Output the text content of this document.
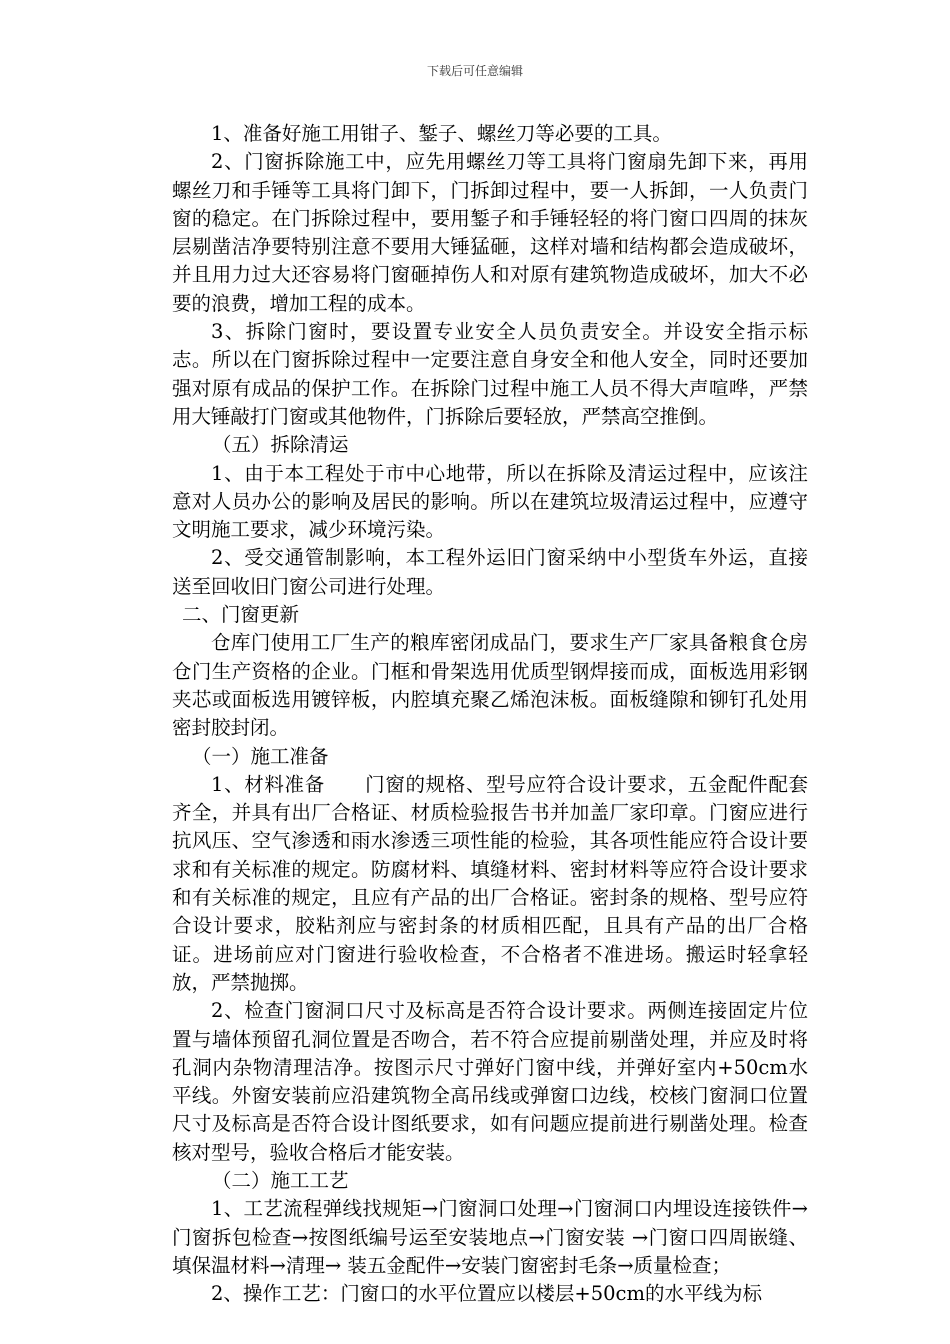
下载后可任意编辑

1、准备好施工用钳子、錾子、螺丝刀等必要的工具。

2、门窗拆除施工中，应先用螺丝刀等工具将门窗扇先卸下来，再用螺丝刀和手锤等工具将门卸下，门拆卸过程中，要一人拆卸，一人负责门窗的稳定。在门拆除过程中，要用錾子和手锤轻轻的将门窗口四周的抹灰层剔凿洁净要特别注意不要用大锤猛砸，这样对墙和结构都会造成破坏，并且用力过大还容易将门窗砸掉伤人和对原有建筑物造成破坏，加大不必要的浪费，增加工程的成本。

3、拆除门窗时，要设置专业安全人员负责安全。并设安全指示标志。所以在门窗拆除过程中一定要注意自身安全和他人安全，同时还要加强对原有成品的保护工作。在拆除门过程中施工人员不得大声喧哗，严禁用大锤敲打门窗或其他物件，门拆除后要轻放，严禁高空推倒。

（五）拆除清运

1、由于本工程处于市中心地带，所以在拆除及清运过程中，应该注意对人员办公的影响及居民的影响。所以在建筑垃圾清运过程中，应遵守文明施工要求，减少环境污染。

2、受交通管制影响，本工程外运旧门窗采纳中小型货车外运，直接送至回收旧门窗公司进行处理。

二、门窗更新

仓库门使用工厂生产的粮库密闭成品门，要求生产厂家具备粮食仓房仓门生产资格的企业。门框和骨架选用优质型钢焊接而成，面板选用彩钢夹芯或面板选用镀锌板，内腔填充聚乙烯泡沫板。面板缝隙和铆钉孔处用密封胶封闭。

（一）施工准备

1、材料准备　　门窗的规格、型号应符合设计要求，五金配件配套齐全，并具有出厂合格证、材质检验报告书并加盖厂家印章。门窗应进行抗风压、空气渗透和雨水渗透三项性能的检验，其各项性能应符合设计要求和有关标准的规定。防腐材料、填缝材料、密封材料等应符合设计要求和有关标准的规定，且应有产品的出厂合格证。密封条的规格、型号应符合设计要求，胶粘剂应与密封条的材质相匹配，且具有产品的出厂合格证。进场前应对门窗进行验收检查，不合格者不准进场。搬运时轻拿轻放，严禁抛掷。

2、检查门窗洞口尺寸及标高是否符合设计要求。两侧连接固定片位置与墙体预留孔洞位置是否吻合，若不符合应提前剔凿处理，并应及时将孔洞内杂物清理洁净。按图示尺寸弹好门窗中线，并弹好室内+50cm水平线。外窗安装前应沿建筑物全高吊线或弹窗口边线，校核门窗洞口位置尺寸及标高是否符合设计图纸要求，如有问题应提前进行剔凿处理。检查核对型号，验收合格后才能安装。

（二）施工工艺

1、工艺流程弹线找规矩→门窗洞口处理→门窗洞口内埋设连接铁件→门窗拆包检查→按图纸编号运至安装地点→门窗安装 →门窗口四周嵌缝、填保温材料→清理→ 装五金配件→安装门窗密封毛条→质量检查；

2、操作工艺：门窗口的水平位置应以楼层+50cm的水平线为标
